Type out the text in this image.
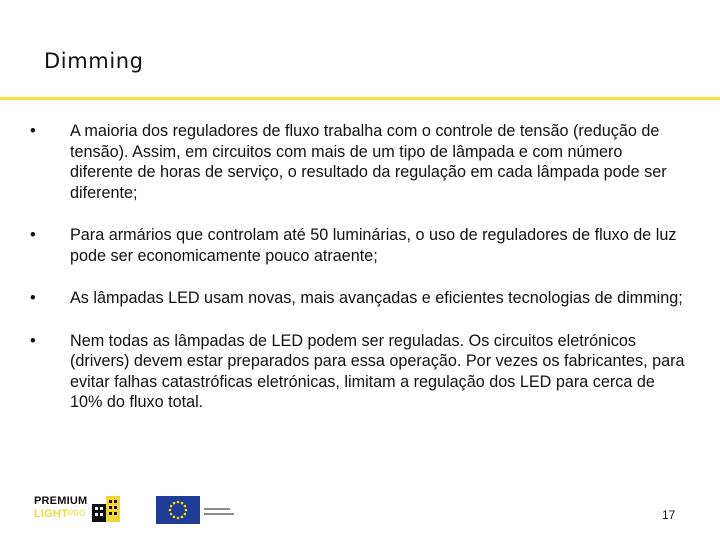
Dimming
• A maioria dos reguladores de fluxo trabalha com o controle de tensão (redução de tensão). Assim, em circuitos com mais de um tipo de lâmpada e com número diferente de horas de serviço, o resultado da regulação em cada lâmpada pode ser diferente;
• Para armários que controlam até 50 luminárias, o uso de reguladores de fluxo de luz pode ser economicamente pouco atraente;
• As lâmpadas LED usam novas, mais avançadas e eficientes tecnologias de dimming;
• Nem todas as lâmpadas de LED podem ser reguladas. Os circuitos eletrónicos (drivers) devem estar preparados para essa operação. Por vezes os fabricantes, para evitar falhas catastróficas eletrónicas, limitam a regulação dos LED para cerca de 10% do fluxo total.
PREMIUM
LIGHT PRO	17
